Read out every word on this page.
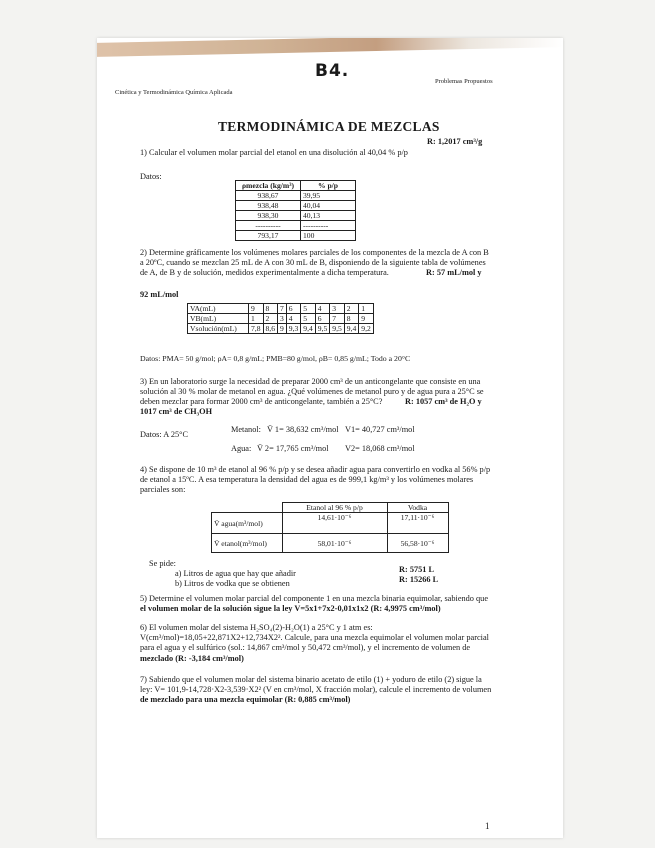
B4.
Cinética y Termodinámica Química Aplicada
Problemas Propuestos
TERMODINÁMICA DE MEZCLAS
1) Calcular el volumen molar parcial del etanol en una disolución al 40,04 % p/p
R: 1,2017 cm³/g
Datos:
ρmezcla (kg/m³)	% p/p
938,67	39,95
938,48	40,04
938,30	40,13
----------	----------
793,17	100
2) Determine gráficamente los volúmenes molares parciales de los componentes de la mezcla de A con B
a 20ºC, cuando se mezclan 25 mL de A con 30 mL de B, disponiendo de la siguiente tabla de volúmenes
de A, de B y de solución, medidos experimentalmente a dicha temperatura.	R: 57 mL/mol y
92 mL/mol
VA(mL)	9	8	7	6	5	4	3	2	1
VB(mL)	1	2	3	4	5	6	7	8	9
Vsolución(mL)	7,8	8,6	9	9,3	9,4	9,5	9,5	9,4	9,2
Datos: PMA= 50 g/mol; ρA= 0,8 g/mL; PMB=80 g/mol, ρB= 0,85 g/mL; Todo a 20°C
3) En un laboratorio surge la necesidad de preparar 2000 cm³ de un anticongelante que consiste en una
solución al 30 % molar de metanol en agua. ¿Qué volúmenes de metanol puro y de agua pura a 25°C se
deben mezclar para formar 2000 cm³ de anticongelante, también a 25°C?	R: 1057 cm³ de H₂O y
1017 cm³ de CH₃OH
Datos: A 25°C
Metanol: V̄ 1= 38,632 cm³/mol V1= 40,727 cm³/mol
Agua: V̄ 2= 17,765 cm³/mol V2= 18,068 cm³/mol
4) Se dispone de 10 m³ de etanol al 96 % p/p y se desea añadir agua para convertirlo en vodka al 56% p/p
de etanol a 15ºC. A esa temperatura la densidad del agua es de 999,1 kg/m³ y los volúmenes molares
parciales son:
	Etanol al 96 % p/p	Vodka
V̄ agua(m³/mol)	14,61·10⁻⁶	17,11·10⁻⁶
V̄ etanol(m³/mol)	58,01·10⁻⁶	56,58·10⁻⁶
Se pide:
a) Litros de agua que hay que añadir
b) Litros de vodka que se obtienen
R: 5751 L
R: 15266 L
5) Determine el volumen molar parcial del componente 1 en una mezcla binaria equimolar, sabiendo que
el volumen molar de la solución sigue la ley V=5x1+7x2-0,01x1x2 (R: 4,9975 cm³/mol)
6) El volumen molar del sistema H₂SO₄(2)-H₂O(1) a 25°C y 1 atm es:
V(cm³/mol)=18,05+22,871X2+12,734X2². Calcule, para una mezcla equimolar el volumen molar parcial
para el agua y el sulfúrico (sol.: 14,867 cm³/mol y 50,472 cm³/mol), y el incremento de volumen de
mezclado (R: -3,184 cm³/mol)
7) Sabiendo que el volumen molar del sistema binario acetato de etilo (1) + yoduro de etilo (2) sigue la
ley: V= 101,9-14,728·X2-3,539·X2² (V en cm³/mol, X fracción molar), calcule el incremento de volumen
de mezclado para una mezcla equimolar (R: 0,885 cm³/mol)
1
